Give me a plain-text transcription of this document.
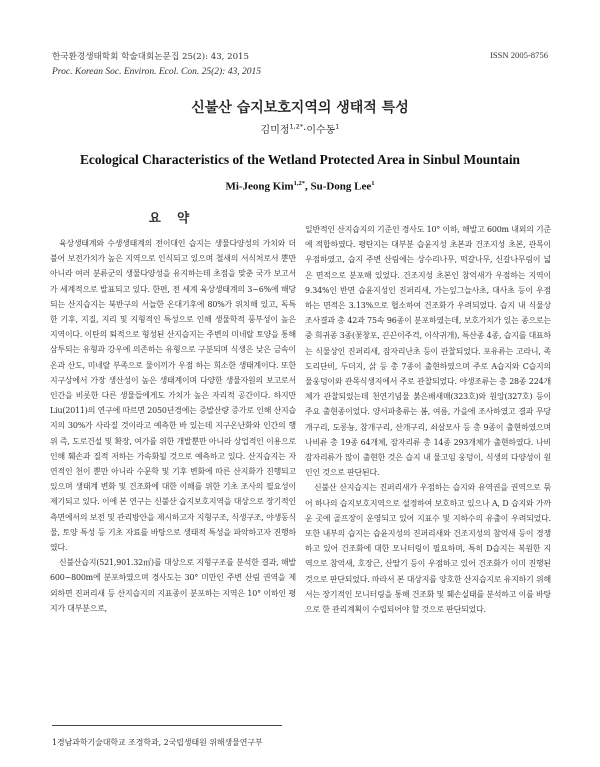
한국환경생태학회 학술대회논문집 25(2): 43, 2015
Proc. Korean Soc. Environ. Ecol. Con. 25(2): 43, 2015
ISSN 2005-8756
신불산 습지보호지역의 생태적 특성
김미정$^{1,2*}$·이수동$^1$
Ecological Characteristics of the Wetland Protected Area in Sinbul Mountain
Mi-Jeong Kim$^{1,2*}$, Su-Dong Lee$^1$
요 약

육상생태계와 수생생태계의 전이대인 습지는 생물다양성의 가치와 더불어 보전가치가 높은 지역으로 인식되고 있으며 철새의 서식처로서 뿐만 아니라 여러 분류군의 생물다양성을 유지하는데 초점을 맞춘 국가 보고서가 세계적으로 발표되고 있다. 한편, 전 세계 육상생태계의 3~6%에 해당되는 산지습지는 북반구의 서늘한 온대기후에 80%가 위치해 있고, 독특한 기후, 지질, 지리 및 지형적인 특성으로 인해 생물학적 풍부성이 높은 지역이다. 이탄의 퇴적으로 형성된 산지습지는 주변의 미네랄 토양을 통해 삼투되는 유형과 강우에 의존하는 유형으로 구분되며 식생은 낮은 금속이온과 산도, 미네랄 부족으로 물이끼가 우점 하는 희소한 생태계이다. 또한 지구상에서 가장 생산성이 높은 생태계이며 다양한 생물자원의 보고로서 인간을 비롯한 다른 생물들에게도 가치가 높은 자리적 공간이다. 하지만 Liu(2011)의 연구에 따르면 2050년경에는 증발산량 증가로 인해 산지습지의 30%가 사라질 것이라고 예측한 바 있는데 지구온난화와 인간의 행위 즉, 도로건설 및 확장, 여가를 위한 개발뿐만 아니라 상업적인 이용으로 인해 훼손과 질적 저하는 가속화될 것으로 예측하고 있다. 산지습지는 자연적인 천이 뿐만 아니라 수문학 및 기후 변화에 따른 산지화가 진행되고 있으며 생태계 변화 및 건조화에 대한 이해를 위한 기초 조사의 필요성이 제기되고 있다. 이에 본 연구는 신불산 습지보호지역을 대상으로 장기적인 측면에서의 보전 및 관리방안을 제시하고자 지형구조, 식생구조, 야생동식물, 토양 특성 등 기초 자료를 바탕으로 생태적 특성을 파악하고자 진행하였다.

신불산습지(521,901.32㎡)를 대상으로 지형구조를 분석한 결과, 해발 600~800m에 분포하였으며 경사도는 30° 미만인 주변 산림 권역을 제외하면 진퍼리새 등 산지습지의 지표종이 분포하는 지역은 10° 이하인 평지가 대부분으로,

일반적인 산지습지의 기준인 경사도 10° 이하, 해발고 600m 내외의 기준에 적합하였다. 평탄지는 대부분 습윤지성 초본과 건조지성 초본, 관목이 우점하였고, 습지 주변 산림에는 상수리나무, 떡갈나무, 신갈나무림이 넓은 면적으로 분포해 있었다. 건조지성 초본인 참억새가 우점하는 지역이 9.34%인 반면 습윤지성인 진퍼리새, 가는잎그늘사초, 대사초 등이 우점하는 면적은 3.13%으로 협소하여 건조화가 우려되었다. 습지 내 식물상 조사결과 총 42과 75속 96종이 분포하였는데, 보호가치가 있는 종으로는 중 희귀종 3종(꽃창포, 끈끈이주걱, 이삭귀개), 특산종 4종, 습지를 대표하는 식물상인 진퍼리새, 잠자리난초 등이 관찰되었다. 포유류는 고라니, 족도리단비, 두더지, 삵 등 총 7종이 출현하였으며 주로 A습지와 C습지의 물웅덩이와 관목식생지에서 주로 관찰되었다. 야생조류는 총 28종 224개체가 관찰되었는데 천연기념물 붉은배새매(323호)와 원앙(327호) 등이 주요 출현종이었다. 양서파충류는 봄, 여름, 가을에 조사하였고 결과 무당개구리, 도롱뇽, 참개구리, 산개구리, 쇠살모사 등 총 9종이 출현하였으며 나비류 총 19종 64개체, 잠자리류 총 14종 293개체가 출현하였다. 나비잠자리류가 많이 출현한 것은 습지 내 물고임 웅덩이, 식생의 다양성이 원인인 것으로 판단된다.

신불산 산지습지는 진퍼리새가 우점하는 습지와 유역권을 권역으로 묶어 하나의 습지보호지역으로 설정하여 보호하고 있으나 A, D 습지와 가까운 곳에 골프장이 운영되고 있어 지표수 및 지하수의 유출이 우려되었다. 또한 내부의 습지는 습윤지성의 진퍼리새와 건조지성의 참억새 등이 경쟁하고 있어 건조화에 대한 모니터링이 필요하며, 특히 D습지는 복원한 지역으로 참억새, 호장근, 산딸기 등이 우점하고 있어 건조화가 이미 진행된 것으로 판단되었다. 따라서 본 대상지를 양호한 산지습지로 유지하기 위해서는 장기적인 모니터링을 통해 건조화 및 훼손실태를 분석하고 이를 바탕으로 한 관리계획이 수립되어야 할 것으로 판단되었다.

1경남과학기술대학교 조경학과, 2국립생태원 위해생물연구부
